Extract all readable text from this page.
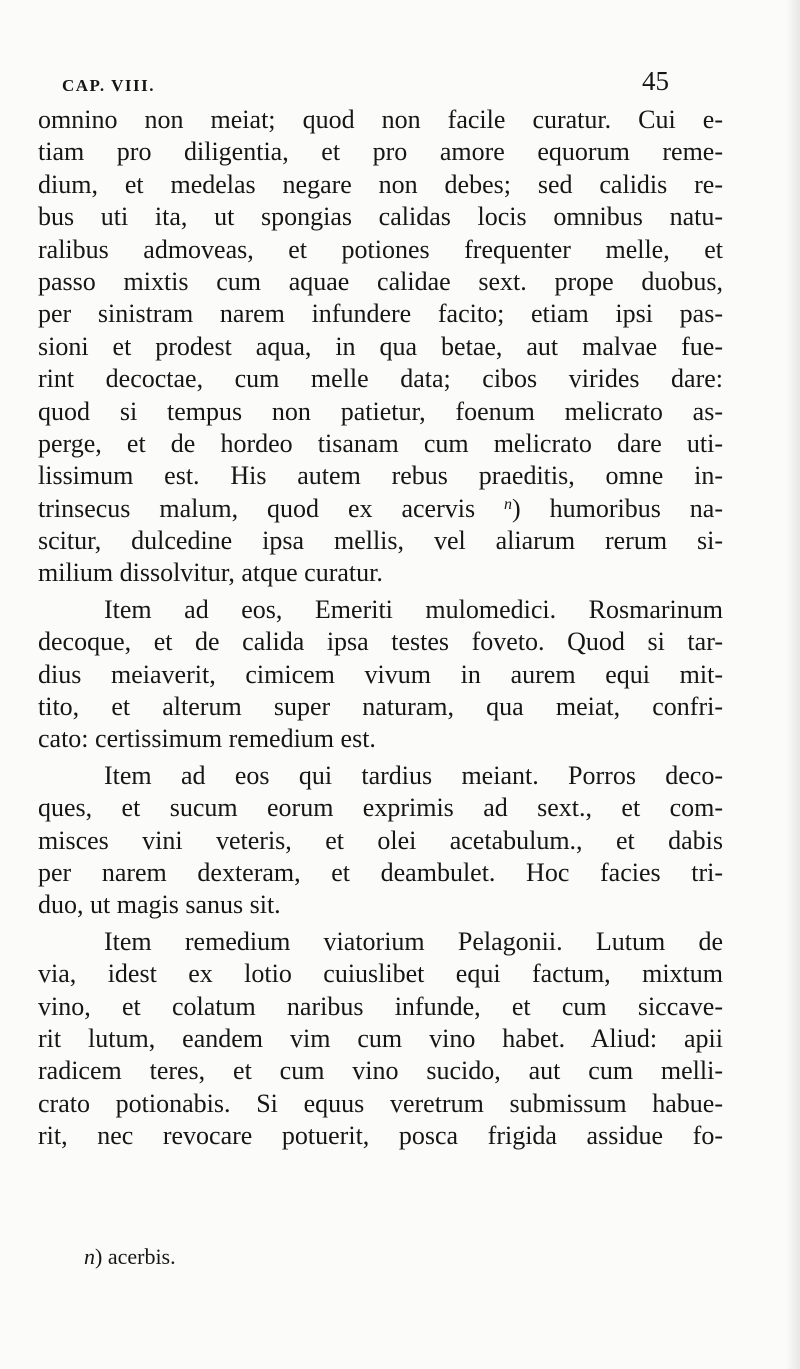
CAP. VIII.	45
omnino non meiat; quod non facile curatur. Cui e-
tiam pro diligentia, et pro amore equorum reme-
dium, et medelas negare non debes; sed calidis re-
bus uti ita, ut spongias calidas locis omnibus natu-
ralibus admoveas, et potiones frequenter melle, et
passo mixtis cum aquae calidae sext. prope duobus,
per sinistram narem infundere facito; etiam ipsi pas-
sioni et prodest aqua, in qua betae, aut malvae fue-
rint decoctae, cum melle data; cibos virides dare:
quod si tempus non patietur, foenum melicrato as-
perge, et de hordeo tisanam cum melicrato dare uti-
lissimum est. His autem rebus praeditis, omne in-
trinsecus malum, quod ex acervis $^n$) humoribus na-
scitur, dulcedine ipsa mellis, vel aliarum rerum si-
milium dissolvitur, atque curatur.
Item ad eos, Emeriti mulomedici. Rosmarinum
decoque, et de calida ipsa testes foveto. Quod si tar-
dius meiaverit, cimicem vivum in aurem equi mit-
tito, et alterum super naturam, qua meiat, confri-
cato: certissimum remedium est.
Item ad eos qui tardius meiant. Porros deco-
ques, et sucum eorum exprimis ad sext., et com-
misces vini veteris, et olei acetabulum., et dabis
per narem dexteram, et deambulet. Hoc facies tri-
duo, ut magis sanus sit.
Item remedium viatorium Pelagonii. Lutum de
via, idest ex lotio cuiuslibet equi factum, mixtum
vino, et colatum naribus infunde, et cum siccave-
rit lutum, eandem vim cum vino habet. Aliud: apii
radicem teres, et cum vino sucido, aut cum melli-
crato potionabis. Si equus veretrum submissum habue-
rit, nec revocare potuerit, posca frigida assidue fo-
n) acerbis.
